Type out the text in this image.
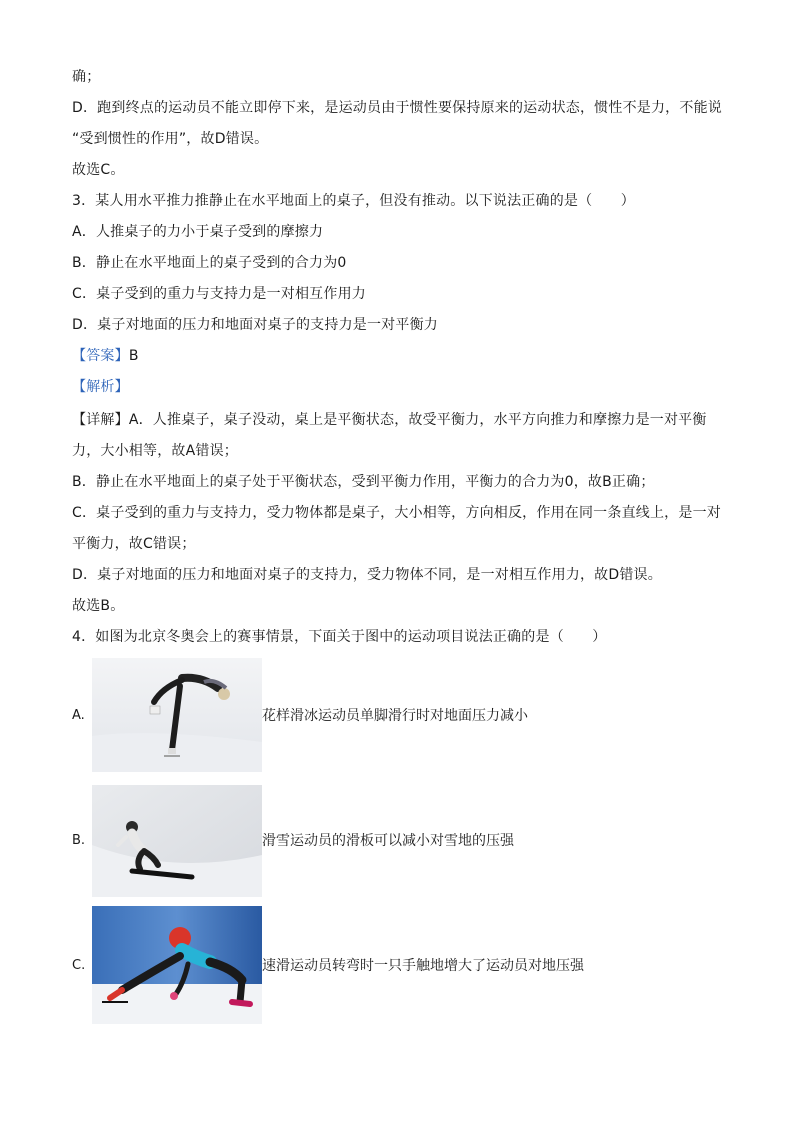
确；
D．跑到终点的运动员不能立即停下来，是运动员由于惯性要保持原来的运动状态，惯性不是力，不能说
“受到惯性的作用”，故D错误。
故选C。
3．某人用水平推力推静止在水平地面上的桌子，但没有推动。以下说法正确的是（　　）
A．人推桌子的力小于桌子受到的摩擦力
B．静止在水平地面上的桌子受到的合力为0
C．桌子受到的重力与支持力是一对相互作用力
D．桌子对地面的压力和地面对桌子的支持力是一对平衡力
【答案】B
【解析】
【详解】A．人推桌子，桌子没动，桌上是平衡状态，故受平衡力，水平方向推力和摩擦力是一对平衡
力，大小相等，故A错误；
B．静止在水平地面上的桌子处于平衡状态，受到平衡力作用，平衡力的合力为0，故B正确；
C．桌子受到的重力与支持力，受力物体都是桌子，大小相等，方向相反，作用在同一条直线上，是一对
平衡力，故C错误；
D．桌子对地面的压力和地面对桌子的支持力，受力物体不同，是一对相互作用力，故D错误。
故选B。
4．如图为北京冬奥会上的赛事情景，下面关于图中的运动项目说法正确的是（　　）
A.	花样滑冰运动员单脚滑行时对地面压力减小
B.	滑雪运动员的滑板可以减小对雪地的压强
C.	速滑运动员转弯时一只手触地增大了运动员对地压强
